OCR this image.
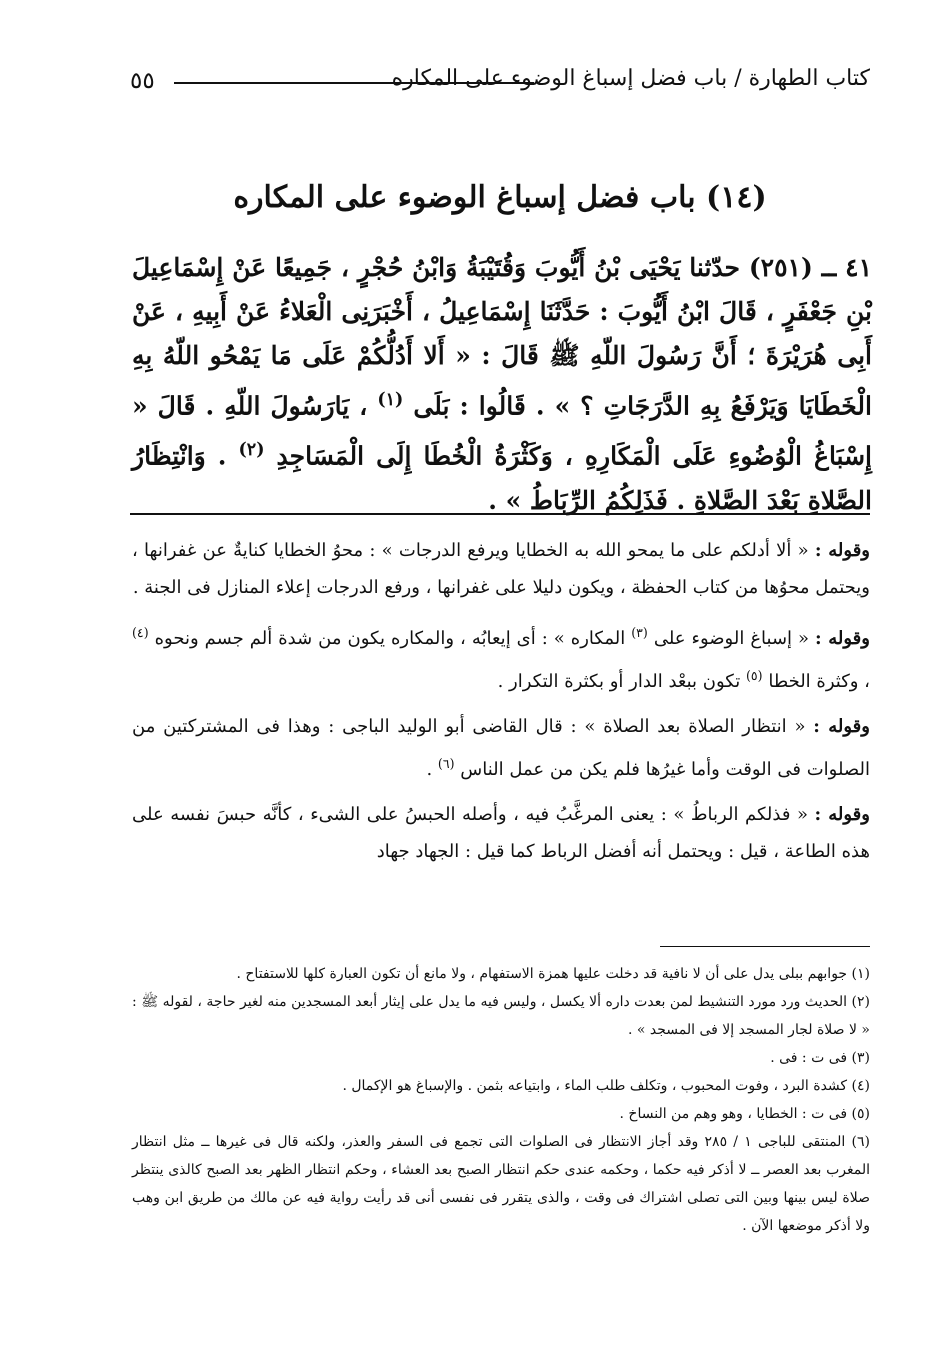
٥٥	كتاب الطهارة / باب فضل إسباغ الوضوء على المكاره
(١٤) باب فضل إسباغ الوضوء على المكاره

٤١ ــ (٢٥١) حدّثنا يَحْيَى بْنُ أَيُّوبَ وَقُتَيْبَةُ وَابْنُ حُجْرٍ ، جَمِيعًا عَنْ إِسْمَاعِيلَ بْنِ جَعْفَرٍ ، قَالَ ابْنُ أَيُّوبَ : حَدَّثَنَا إِسْمَاعِيلُ ، أَخْبَرَنِى الْعَلاءُ عَنْ أَبِيهِ ، عَنْ أَبِى هُرَيْرَةَ ؛ أَنَّ رَسُولَ اللّهِ ﷺ قَالَ : « أَلا أَدُلُّكُمْ عَلَى مَا يَمْحُو اللّهُ بِهِ الْخَطَايَا وَيَرْفَعُ بِهِ الدَّرَجَاتِ ؟ » . قَالُوا : بَلَى $^{(١)}$ ، يَارَسُولَ اللّهِ . قَالَ « إِسْبَاغُ الْوُضُوءِ عَلَى الْمَكَارِهِ ، وَكَثْرَةُ الْخُطَا إِلَى الْمَسَاجِدِ $^{(٢)}$ . وَانْتِظَارُ الصَّلاةِ بَعْدَ الصَّلاةِ . فَذَلِكُمُ الرِّبَاطُ » .

وقوله : « ألا أدلكم على ما يمحو الله به الخطايا ويرفع الدرجات » : محوُ الخطايا كنايةٌ عن غفرانها ، ويحتمل محوُها من كتاب الحفظة ، ويكون دليلا على غفرانها ، ورفع الدرجات إعلاء المنازل فى الجنة .

وقوله : « إسباغ الوضوء على $^{(٣)}$ المكاره » : أى إيعابُه ، والمكاره يكون من شدة ألم جسم ونحوه $^{(٤)}$ ، وكثرة الخطا $^{(٥)}$ تكون ببعْد الدار أو بكثرة التكرار .

وقوله : « انتظار الصلاة بعد الصلاة » : قال القاضى أبو الوليد الباجى : وهذا فى المشتركتين من الصلوات فى الوقت وأما غيرُها فلم يكن من عمل الناس $^{(٦)}$ .

وقوله : « فذلكم الرباطُ » : يعنى المرغَّبُ فيه ، وأصله الحبسُ على الشىء ، كأنَّه حبسَ نفسه على هذه الطاعة ، قيل : ويحتمل أنه أفضل الرباط كما قيل : الجهاد جهاد

(١) جوابهم ببلى يدل على أن لا نافية قد دخلت عليها همزة الاستفهام ، ولا مانع أن تكون العبارة كلها للاستفتاح .

(٢) الحديث ورد مورد التنشيط لمن بعدت داره ألا يكسل ، وليس فيه ما يدل على إيثار أبعد المسجدين منه لغير حاجة ، لقوله ﷺ : « لا صلاة لجار المسجد إلا فى المسجد » .

(٣) فى ت : فى .

(٤) كشدة البرد ، وفوت المحبوب ، وتكلف طلب الماء ، وابتياعه بثمن . والإسباغ هو الإكمال .

(٥) فى ت : الخطايا ، وهو وهم من النساخ .

(٦) المنتقى للباجى ١ / ٢٨٥ وقد أجاز الانتظار فى الصلوات التى تجمع فى السفر والعذر، ولكنه قال فى غيرها ــ مثل انتظار المغرب بعد العصر ــ لا أذكر فيه حكما ، وحكمه عندى حكم انتظار الصبح بعد العشاء ، وحكم انتظار الظهر بعد الصبح كالذى ينتظر صلاة ليس بينها وبين التى تصلى اشتراك فى وقت ، والذى يتقرر فى نفسى أنى قد رأيت رواية فيه عن مالك من طريق ابن وهب ولا أذكر موضعها الآن .
